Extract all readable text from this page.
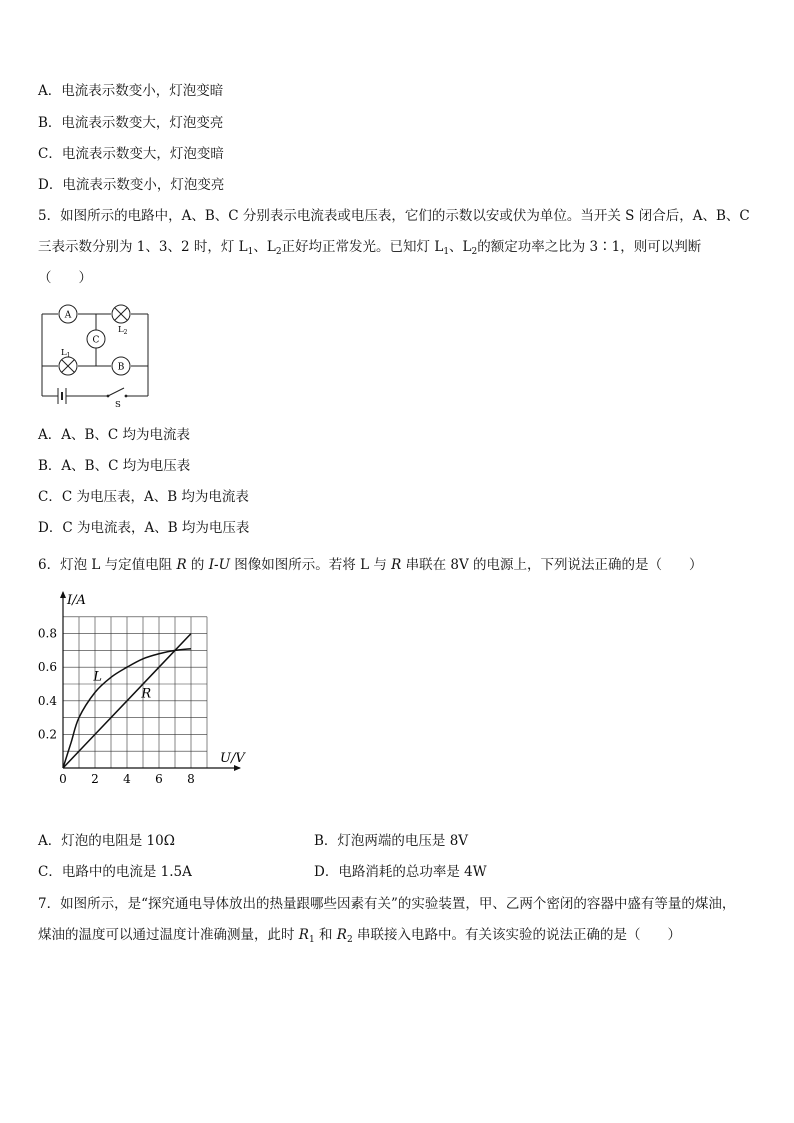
A．电流表示数变小，灯泡变暗
B．电流表示数变大，灯泡变亮
C．电流表示数变大，灯泡变暗
D．电流表示数变小，灯泡变亮
5．如图所示的电路中，A、B、C 分别表示电流表或电压表，它们的示数以安或伏为单位。当开关 S 闭合后，A、B、C
三表示数分别为 1、3、2 时，灯 $L_1$、$L_2$正好均正常发光。已知灯 $L_1$、$L_2$的额定功率之比为 3∶1，则可以判断
（　　）
A
$L_2$
C
$L_1$
B
S
A．A、B、C 均为电流表
B．A、B、C 均为电压表
C．C 为电压表，A、B 均为电流表
D．C 为电流表，A、B 均为电压表
6．灯泡 L 与定值电阻 R 的 I-U 图像如图所示。若将 L 与 R 串联在 8V 的电源上，下列说法正确的是（　　）
L
R
2 4 6 8
0.2
0.4
0.6
0.8
0
U/V
I/A
A．灯泡的电阻是 10Ω	B．灯泡两端的电压是 8V
C．电路中的电流是 1.5A	D．电路消耗的总功率是 4W
7．如图所示，是“探究通电导体放出的热量跟哪些因素有关”的实验装置，甲、乙两个密闭的容器中盛有等量的煤油，
煤油的温度可以通过温度计准确测量，此时 $R_1$ 和 $R_2$ 串联接入电路中。有关该实验的说法正确的是（　　）
